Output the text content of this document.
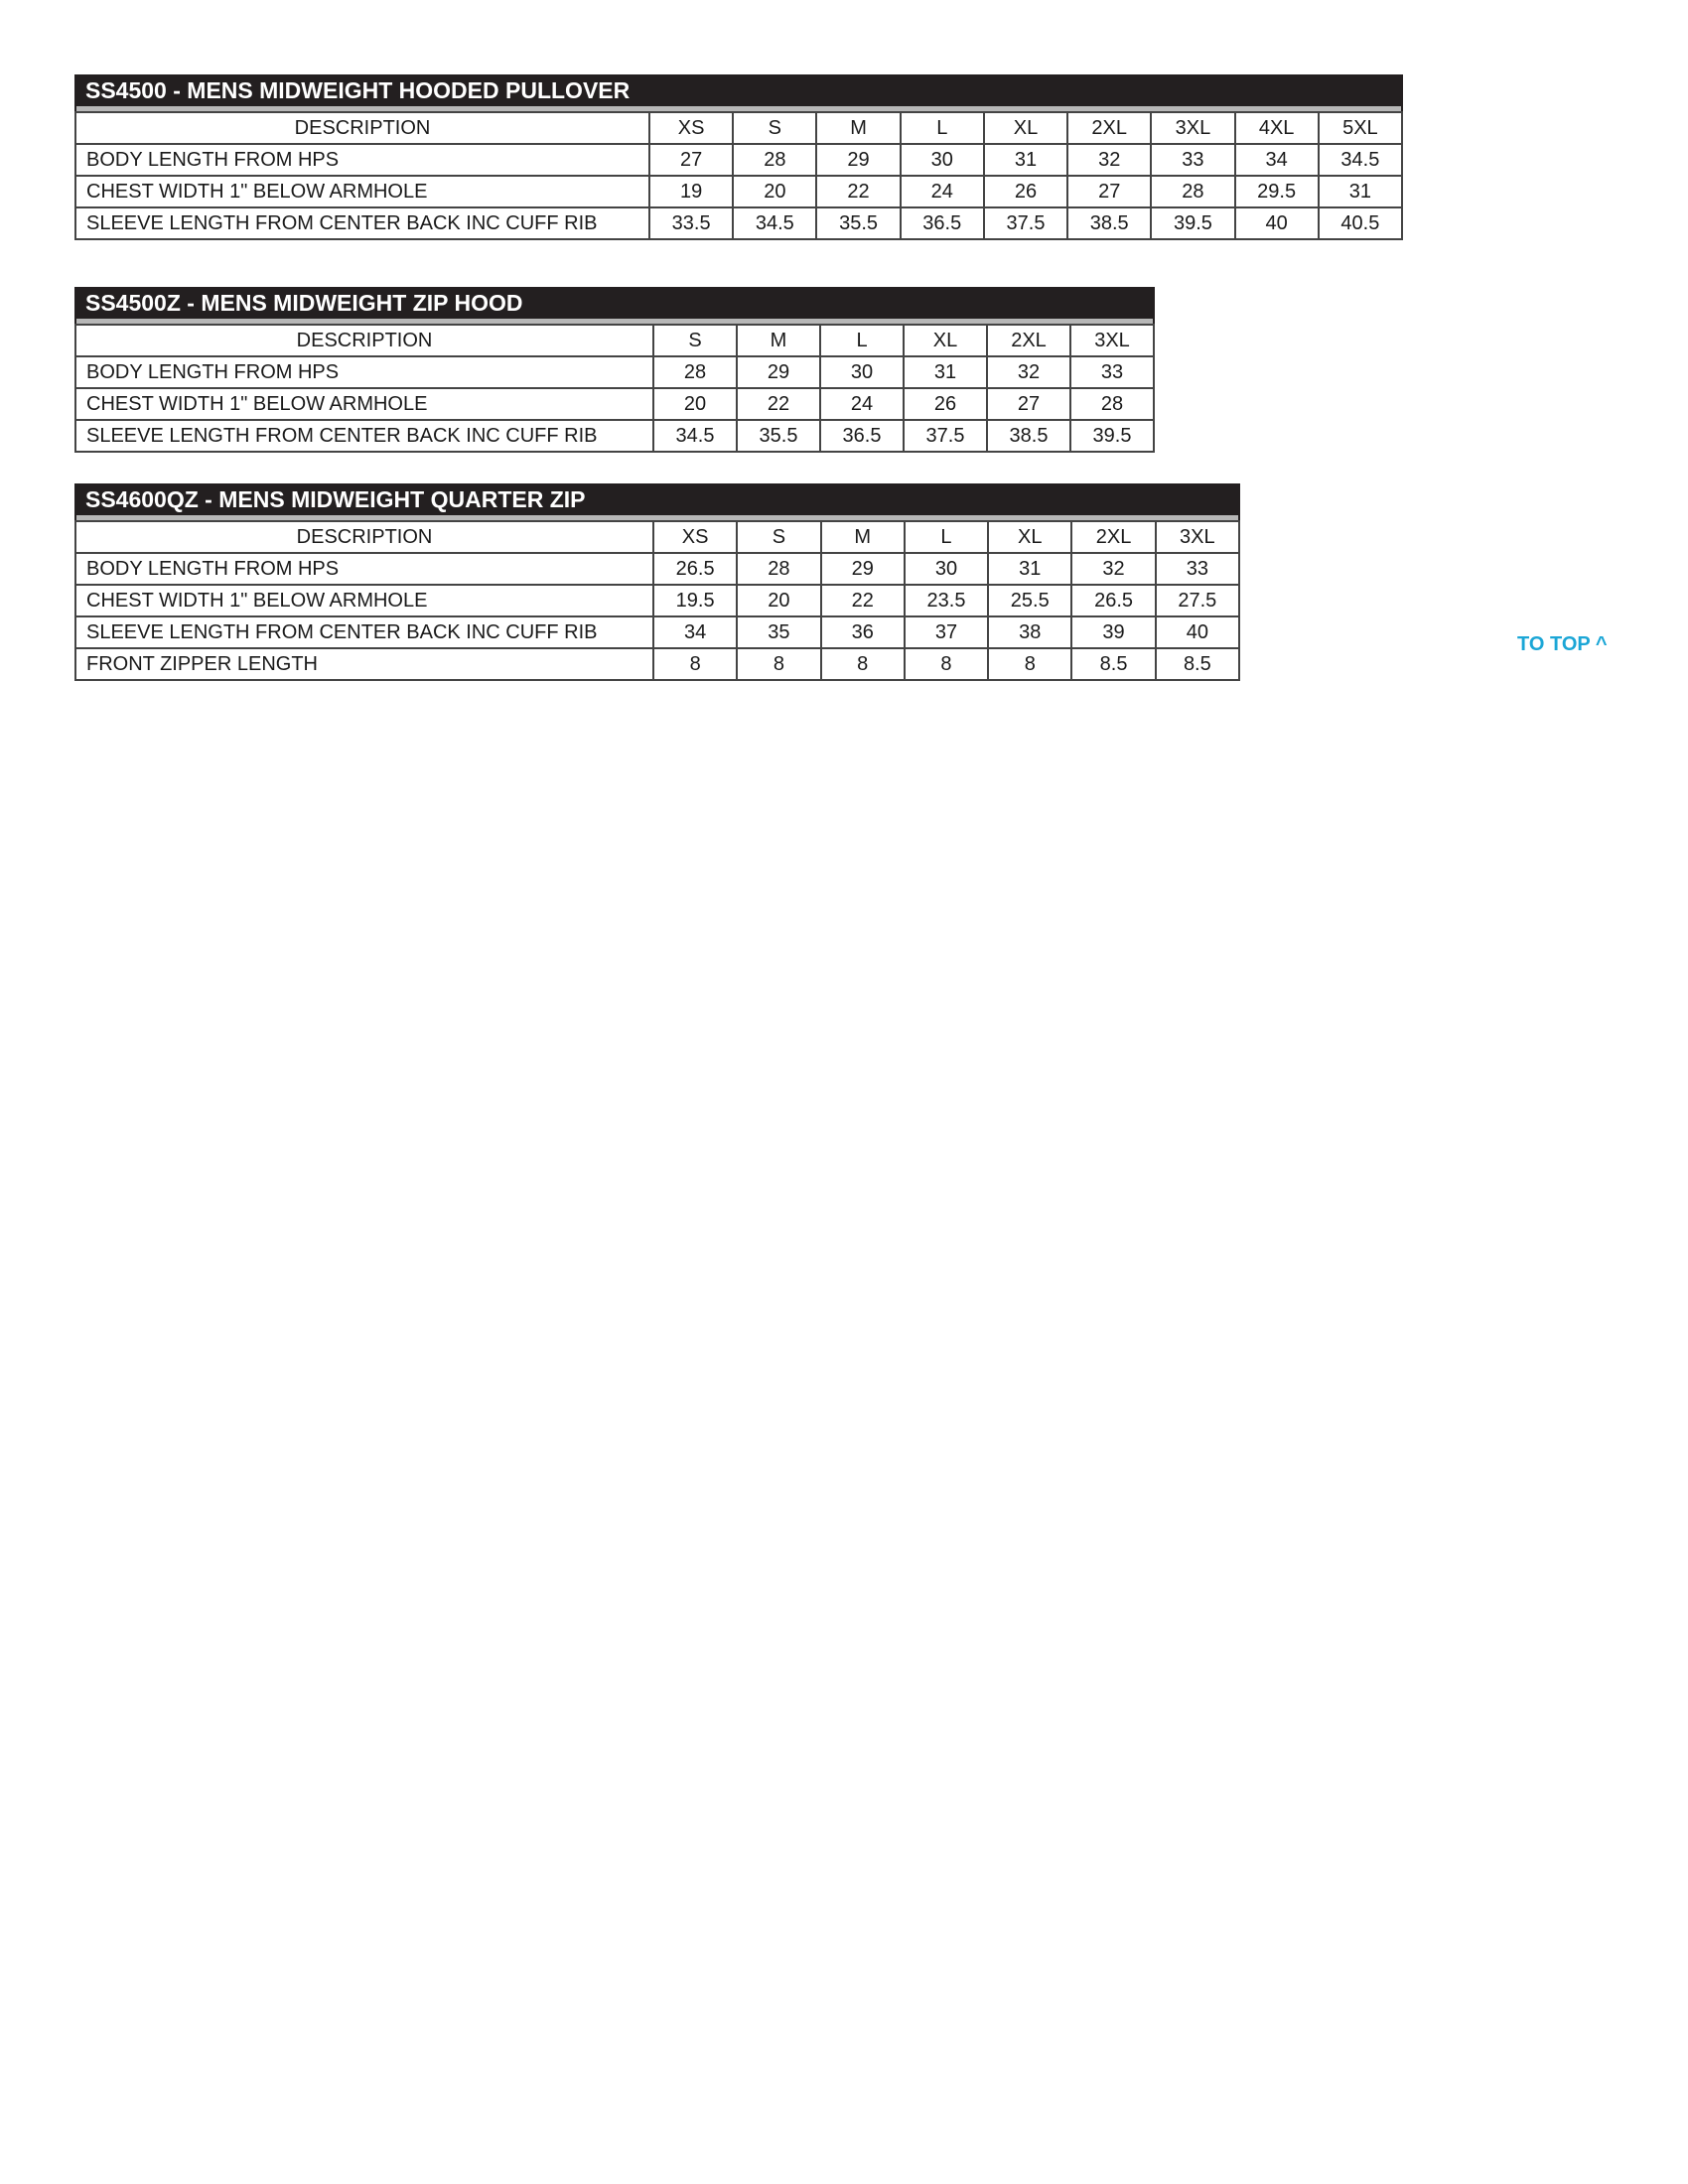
SS4500 - MENS MIDWEIGHT HOODED PULLOVER
DESCRIPTION	XS	S	M	L	XL	2XL	3XL	4XL	5XL
BODY LENGTH FROM HPS	27	28	29	30	31	32	33	34	34.5
CHEST WIDTH 1" BELOW ARMHOLE	19	20	22	24	26	27	28	29.5	31
SLEEVE LENGTH FROM CENTER BACK INC CUFF RIB	33.5	34.5	35.5	36.5	37.5	38.5	39.5	40	40.5
SS4500Z - MENS MIDWEIGHT ZIP HOOD
DESCRIPTION	S	M	L	XL	2XL	3XL
BODY LENGTH FROM HPS	28	29	30	31	32	33
CHEST WIDTH 1" BELOW ARMHOLE	20	22	24	26	27	28
SLEEVE LENGTH FROM CENTER BACK INC CUFF RIB	34.5	35.5	36.5	37.5	38.5	39.5
SS4600QZ - MENS MIDWEIGHT QUARTER ZIP
DESCRIPTION	XS	S	M	L	XL	2XL	3XL
BODY LENGTH FROM HPS	26.5	28	29	30	31	32	33
CHEST WIDTH 1" BELOW ARMHOLE	19.5	20	22	23.5	25.5	26.5	27.5
SLEEVE LENGTH FROM CENTER BACK INC CUFF RIB	34	35	36	37	38	39	40
FRONT ZIPPER LENGTH	8	8	8	8	8	8.5	8.5
TO TOP ^
